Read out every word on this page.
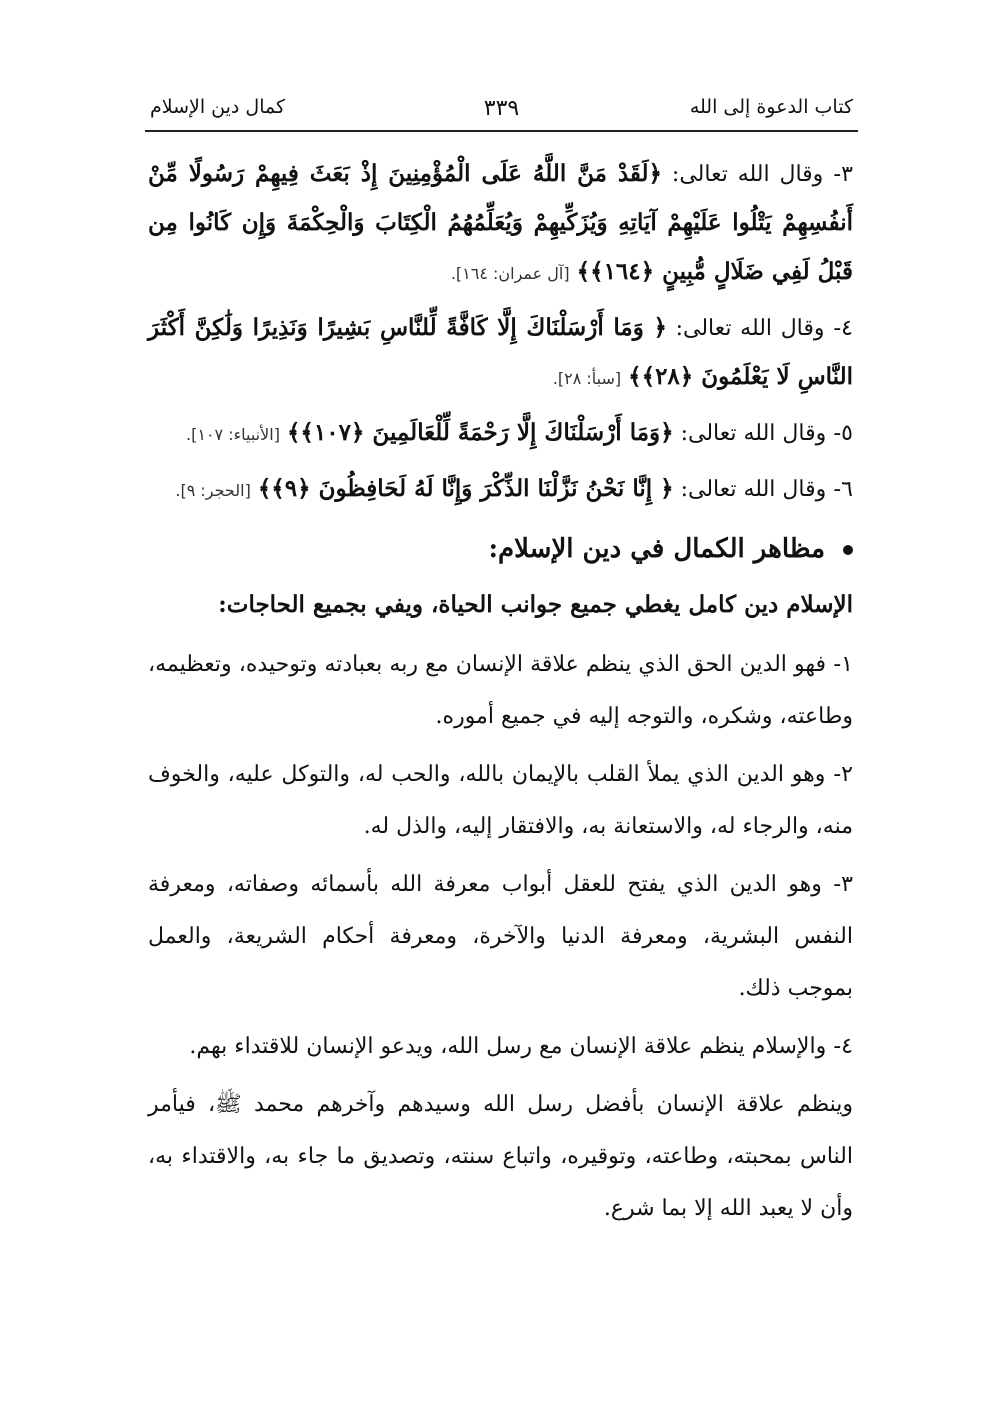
كتاب الدعوة إلى الله
٣٣٩
كمال دين الإسلام
٣- وقال الله تعالى: ﴿لَقَدْ مَنَّ اللَّهُ عَلَى الْمُؤْمِنِينَ إِذْ بَعَثَ فِيهِمْ رَسُولًا مِّنْ أَنفُسِهِمْ يَتْلُوا عَلَيْهِمْ آيَاتِهِ وَيُزَكِّيهِمْ وَيُعَلِّمُهُمُ الْكِتَابَ وَالْحِكْمَةَ وَإِن كَانُوا مِن قَبْلُ لَفِي ضَلَالٍ مُّبِينٍ ﴿١٦٤﴾﴾ [آل عمران: ١٦٤].
٤- وقال الله تعالى: ﴿ وَمَا أَرْسَلْنَاكَ إِلَّا كَافَّةً لِّلنَّاسِ بَشِيرًا وَنَذِيرًا وَلَٰكِنَّ أَكْثَرَ النَّاسِ لَا يَعْلَمُونَ ﴿٢٨﴾﴾ [سبأ: ٢٨].
٥- وقال الله تعالى: ﴿وَمَا أَرْسَلْنَاكَ إِلَّا رَحْمَةً لِّلْعَالَمِينَ ﴿١٠٧﴾﴾ [الأنبياء: ١٠٧].
٦- وقال الله تعالى: ﴿ إِنَّا نَحْنُ نَزَّلْنَا الذِّكْرَ وَإِنَّا لَهُ لَحَافِظُونَ ﴿٩﴾﴾ [الحجر: ٩].
مظاهر الكمال في دين الإسلام:
الإسلام دين كامل يغطي جميع جوانب الحياة، ويفي بجميع الحاجات:
١- فهو الدين الحق الذي ينظم علاقة الإنسان مع ربه بعبادته وتوحيده، وتعظيمه، وطاعته، وشكره، والتوجه إليه في جميع أموره.
٢- وهو الدين الذي يملأ القلب بالإيمان بالله، والحب له، والتوكل عليه، والخوف منه، والرجاء له، والاستعانة به، والافتقار إليه، والذل له.
٣- وهو الدين الذي يفتح للعقل أبواب معرفة الله بأسمائه وصفاته، ومعرفة النفس البشرية، ومعرفة الدنيا والآخرة، ومعرفة أحكام الشريعة، والعمل بموجب ذلك.
٤- والإسلام ينظم علاقة الإنسان مع رسل الله، ويدعو الإنسان للاقتداء بهم.
وينظم علاقة الإنسان بأفضل رسل الله وسيدهم وآخرهم محمد ﷺ، فيأمر الناس بمحبته، وطاعته، وتوقيره، واتباع سنته، وتصديق ما جاء به، والاقتداء به، وأن لا يعبد الله إلا بما شرع.
